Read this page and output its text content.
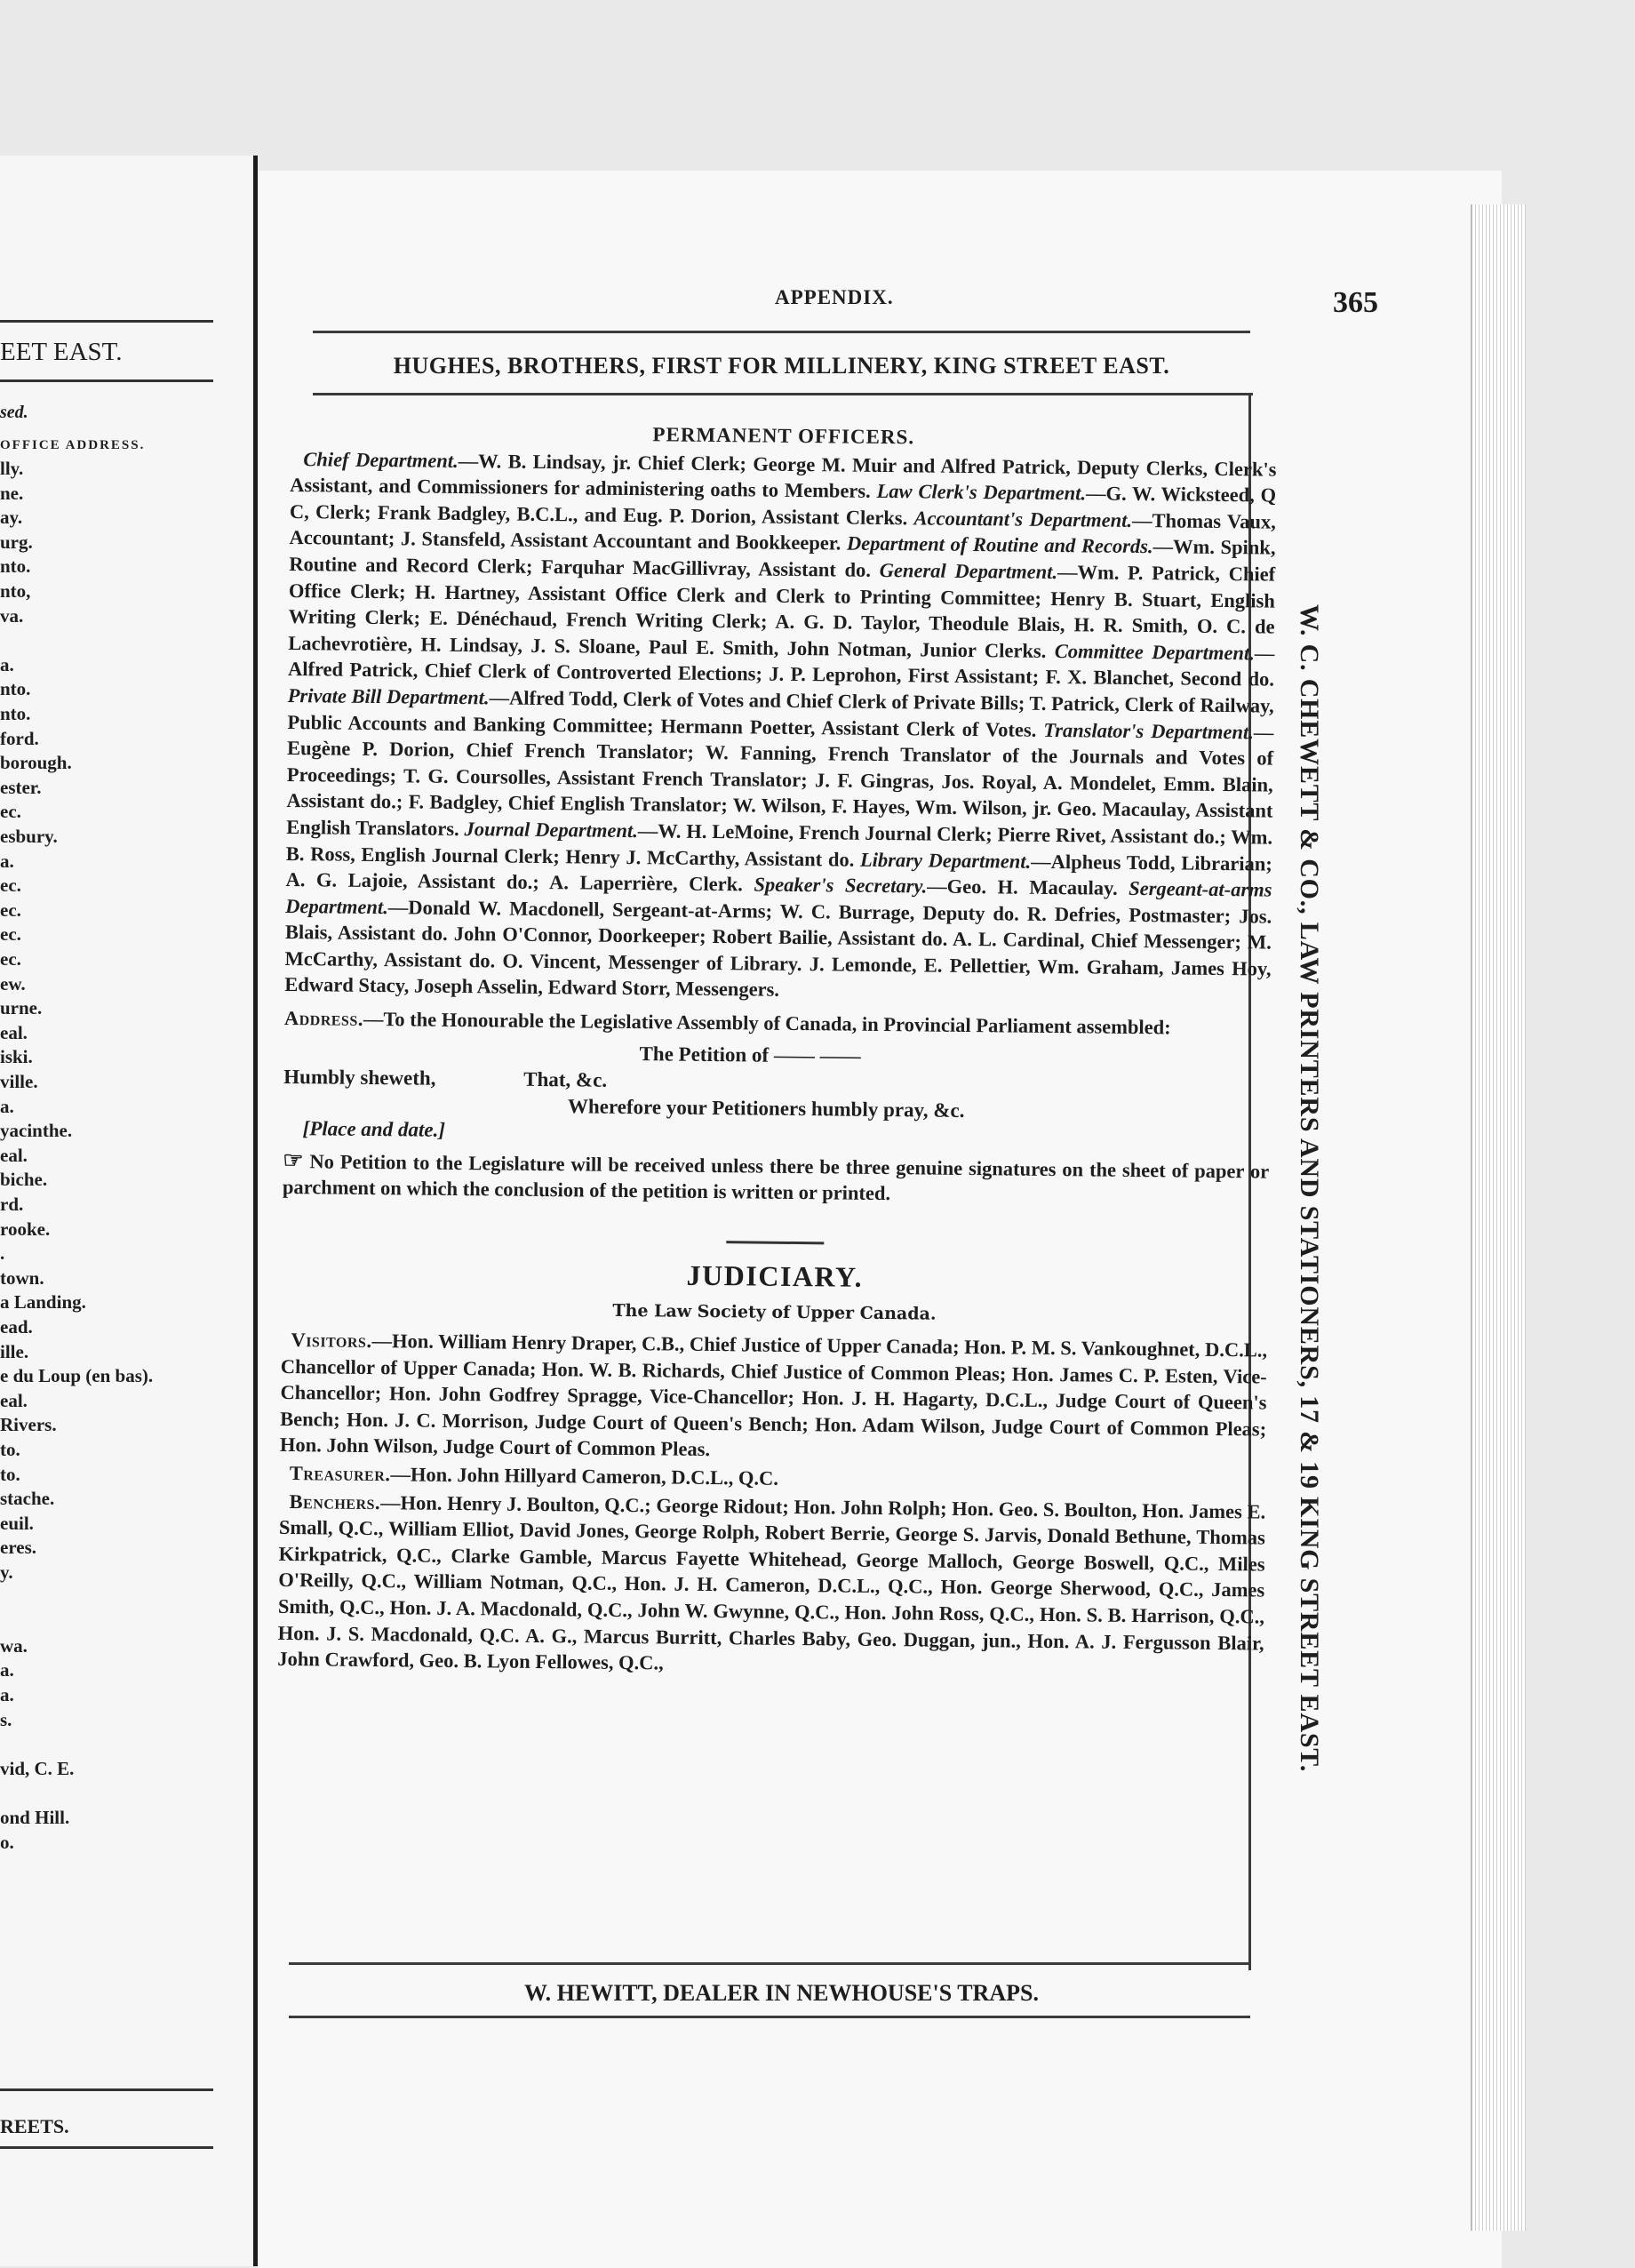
EET EAST.
sed.
OFFICE ADDRESS.
lly.
ne.
ay.
urg.
nto.
nto,
va.
a.
nto.
nto.
ford.
borough.
ester.
ec.
esbury.
a.
ec.
ec.
ec.
ec.
ew.
urne.
eal.
iski.
ville.
a.
yacinthe.
eal.
biche.
rd.
rooke.
.
town.
a Landing.
ead.
ille.
e du Loup (en bas).
eal.
Rivers.
to.
to.
stache.
euil.
eres.
y.
wa.
a.
a.
s.
vid, C. E.
ond Hill.
o.
REETS.
APPENDIX.	365
HUGHES, BROTHERS, FIRST FOR MILLINERY, KING STREET EAST.
W. HEWITT, DEALER IN NEWHOUSE'S TRAPS.
W. C. CHEWETT & CO., LAW PRINTERS AND STATIONERS, 17 & 19 KING STREET EAST.
PERMANENT OFFICERS.

Chief Department.—W. B. Lindsay, jr. Chief Clerk; George M. Muir and Alfred Patrick, Deputy Clerks, Clerk's Assistant, and Commissioners for administering oaths to Members. Law Clerk's Department.—G. W. Wicksteed, Q C, Clerk; Frank Badgley, B.C.L., and Eug. P. Dorion, Assistant Clerks. Accountant's Department.—Thomas Vaux, Accountant; J. Stansfeld, Assistant Accountant and Bookkeeper. Department of Routine and Records.—Wm. Spink, Routine and Record Clerk; Farquhar MacGillivray, Assistant do. General Department.—Wm. P. Patrick, Chief Office Clerk; H. Hartney, Assistant Office Clerk and Clerk to Printing Committee; Henry B. Stuart, English Writing Clerk; E. Dénéchaud, French Writing Clerk; A. G. D. Taylor, Theodule Blais, H. R. Smith, O. C. de Lachevrotière, H. Lindsay, J. S. Sloane, Paul E. Smith, John Notman, Junior Clerks. Committee Department.—Alfred Patrick, Chief Clerk of Controverted Elections; J. P. Leprohon, First Assistant; F. X. Blanchet, Second do. Private Bill Department.—Alfred Todd, Clerk of Votes and Chief Clerk of Private Bills; T. Patrick, Clerk of Railway, Public Accounts and Banking Committee; Hermann Poetter, Assistant Clerk of Votes. Translator's Department.—Eugène P. Dorion, Chief French Translator; W. Fanning, French Translator of the Journals and Votes of Proceedings; T. G. Coursolles, Assistant French Translator; J. F. Gingras, Jos. Royal, A. Mondelet, Emm. Blain, Assistant do.; F. Badgley, Chief English Translator; W. Wilson, F. Hayes, Wm. Wilson, jr. Geo. Macaulay, Assistant English Translators. Journal Department.—W. H. LeMoine, French Journal Clerk; Pierre Rivet, Assistant do.; Wm. B. Ross, English Journal Clerk; Henry J. McCarthy, Assistant do. Library Department.—Alpheus Todd, Librarian; A. G. Lajoie, Assistant do.; A. Laperrière, Clerk. Speaker's Secretary.—Geo. H. Macaulay. Sergeant-at-arms Department.—Donald W. Macdonell, Sergeant-at-Arms; W. C. Burrage, Deputy do. R. Defries, Postmaster; Jos. Blais, Assistant do. John O'Connor, Doorkeeper; Robert Bailie, Assistant do. A. L. Cardinal, Chief Messenger; M. McCarthy, Assistant do. O. Vincent, Messenger of Library. J. Lemonde, E. Pellettier, Wm. Graham, James Hoy, Edward Stacy, Joseph Asselin, Edward Storr, Messengers.

Address.—To the Honourable the Legislative Assembly of Canada, in Provincial Parliament assembled:

The Petition of —— ——
Humbly sheweth,	That, &c.
Wherefore your Petitioners humbly pray, &c.
[Place and date.]

☞ No Petition to the Legislature will be received unless there be three genuine signatures on the sheet of paper or parchment on which the conclusion of the petition is written or printed.

JUDICIARY.
The Law Society of Upper Canada.

Visitors.—Hon. William Henry Draper, C.B., Chief Justice of Upper Canada; Hon. P. M. S. Vankoughnet, D.C.L., Chancellor of Upper Canada; Hon. W. B. Richards, Chief Justice of Common Pleas; Hon. James C. P. Esten, Vice-Chancellor; Hon. John Godfrey Spragge, Vice-Chancellor; Hon. J. H. Hagarty, D.C.L., Judge Court of Queen's Bench; Hon. J. C. Morrison, Judge Court of Queen's Bench; Hon. Adam Wilson, Judge Court of Common Pleas; Hon. John Wilson, Judge Court of Common Pleas.

Treasurer.—Hon. John Hillyard Cameron, D.C.L., Q.C.

Benchers.—Hon. Henry J. Boulton, Q.C.; George Ridout; Hon. John Rolph; Hon. Geo. S. Boulton, Hon. James E. Small, Q.C., William Elliot, David Jones, George Rolph, Robert Berrie, George S. Jarvis, Donald Bethune, Thomas Kirkpatrick, Q.C., Clarke Gamble, Marcus Fayette Whitehead, George Malloch, George Boswell, Q.C., Miles O'Reilly, Q.C., William Notman, Q.C., Hon. J. H. Cameron, D.C.L., Q.C., Hon. George Sherwood, Q.C., James Smith, Q.C., Hon. J. A. Macdonald, Q.C., John W. Gwynne, Q.C., Hon. John Ross, Q.C., Hon. S. B. Harrison, Q.C., Hon. J. S. Macdonald, Q.C. A. G., Marcus Burritt, Charles Baby, Geo. Duggan, jun., Hon. A. J. Fergusson Blair, John Crawford, Geo. B. Lyon Fellowes, Q.C.,
